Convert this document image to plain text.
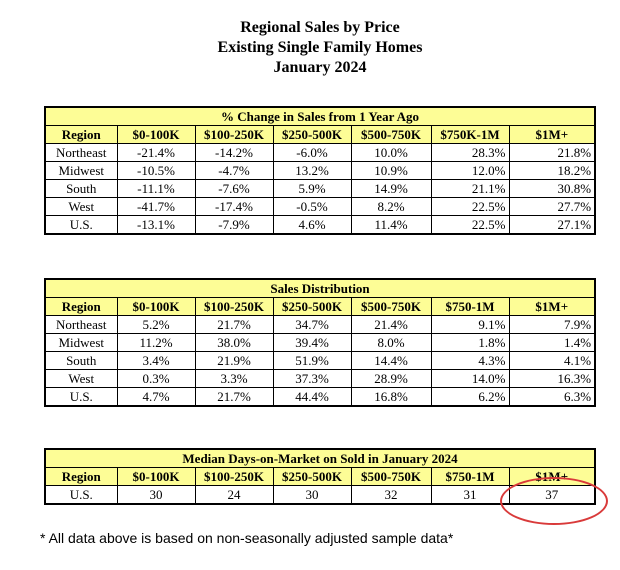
Regional Sales by Price
Existing Single Family Homes
January 2024
% Change in Sales from 1 Year Ago						
Region	$0-100K	$100-250K	$250-500K	$500-750K	$750K-1M	$1M+
Northeast	-21.4%	-14.2%	-6.0%	10.0%	28.3%	21.8%
Midwest	-10.5%	-4.7%	13.2%	10.9%	12.0%	18.2%
South	-11.1%	-7.6%	5.9%	14.9%	21.1%	30.8%
West	-41.7%	-17.4%	-0.5%	8.2%	22.5%	27.7%
U.S.	-13.1%	-7.9%	4.6%	11.4%	22.5%	27.1%
Sales Distribution						
Region	$0-100K	$100-250K	$250-500K	$500-750K	$750-1M	$1M+
Northeast	5.2%	21.7%	34.7%	21.4%	9.1%	7.9%
Midwest	11.2%	38.0%	39.4%	8.0%	1.8%	1.4%
South	3.4%	21.9%	51.9%	14.4%	4.3%	4.1%
West	0.3%	3.3%	37.3%	28.9%	14.0%	16.3%
U.S.	4.7%	21.7%	44.4%	16.8%	6.2%	6.3%
Median Days-on-Market on Sold in January 2024						
Region	$0-100K	$100-250K	$250-500K	$500-750K	$750-1M	$1M+
U.S.	30	24	30	32	31	37
* All data above is based on non-seasonally adjusted sample data*
